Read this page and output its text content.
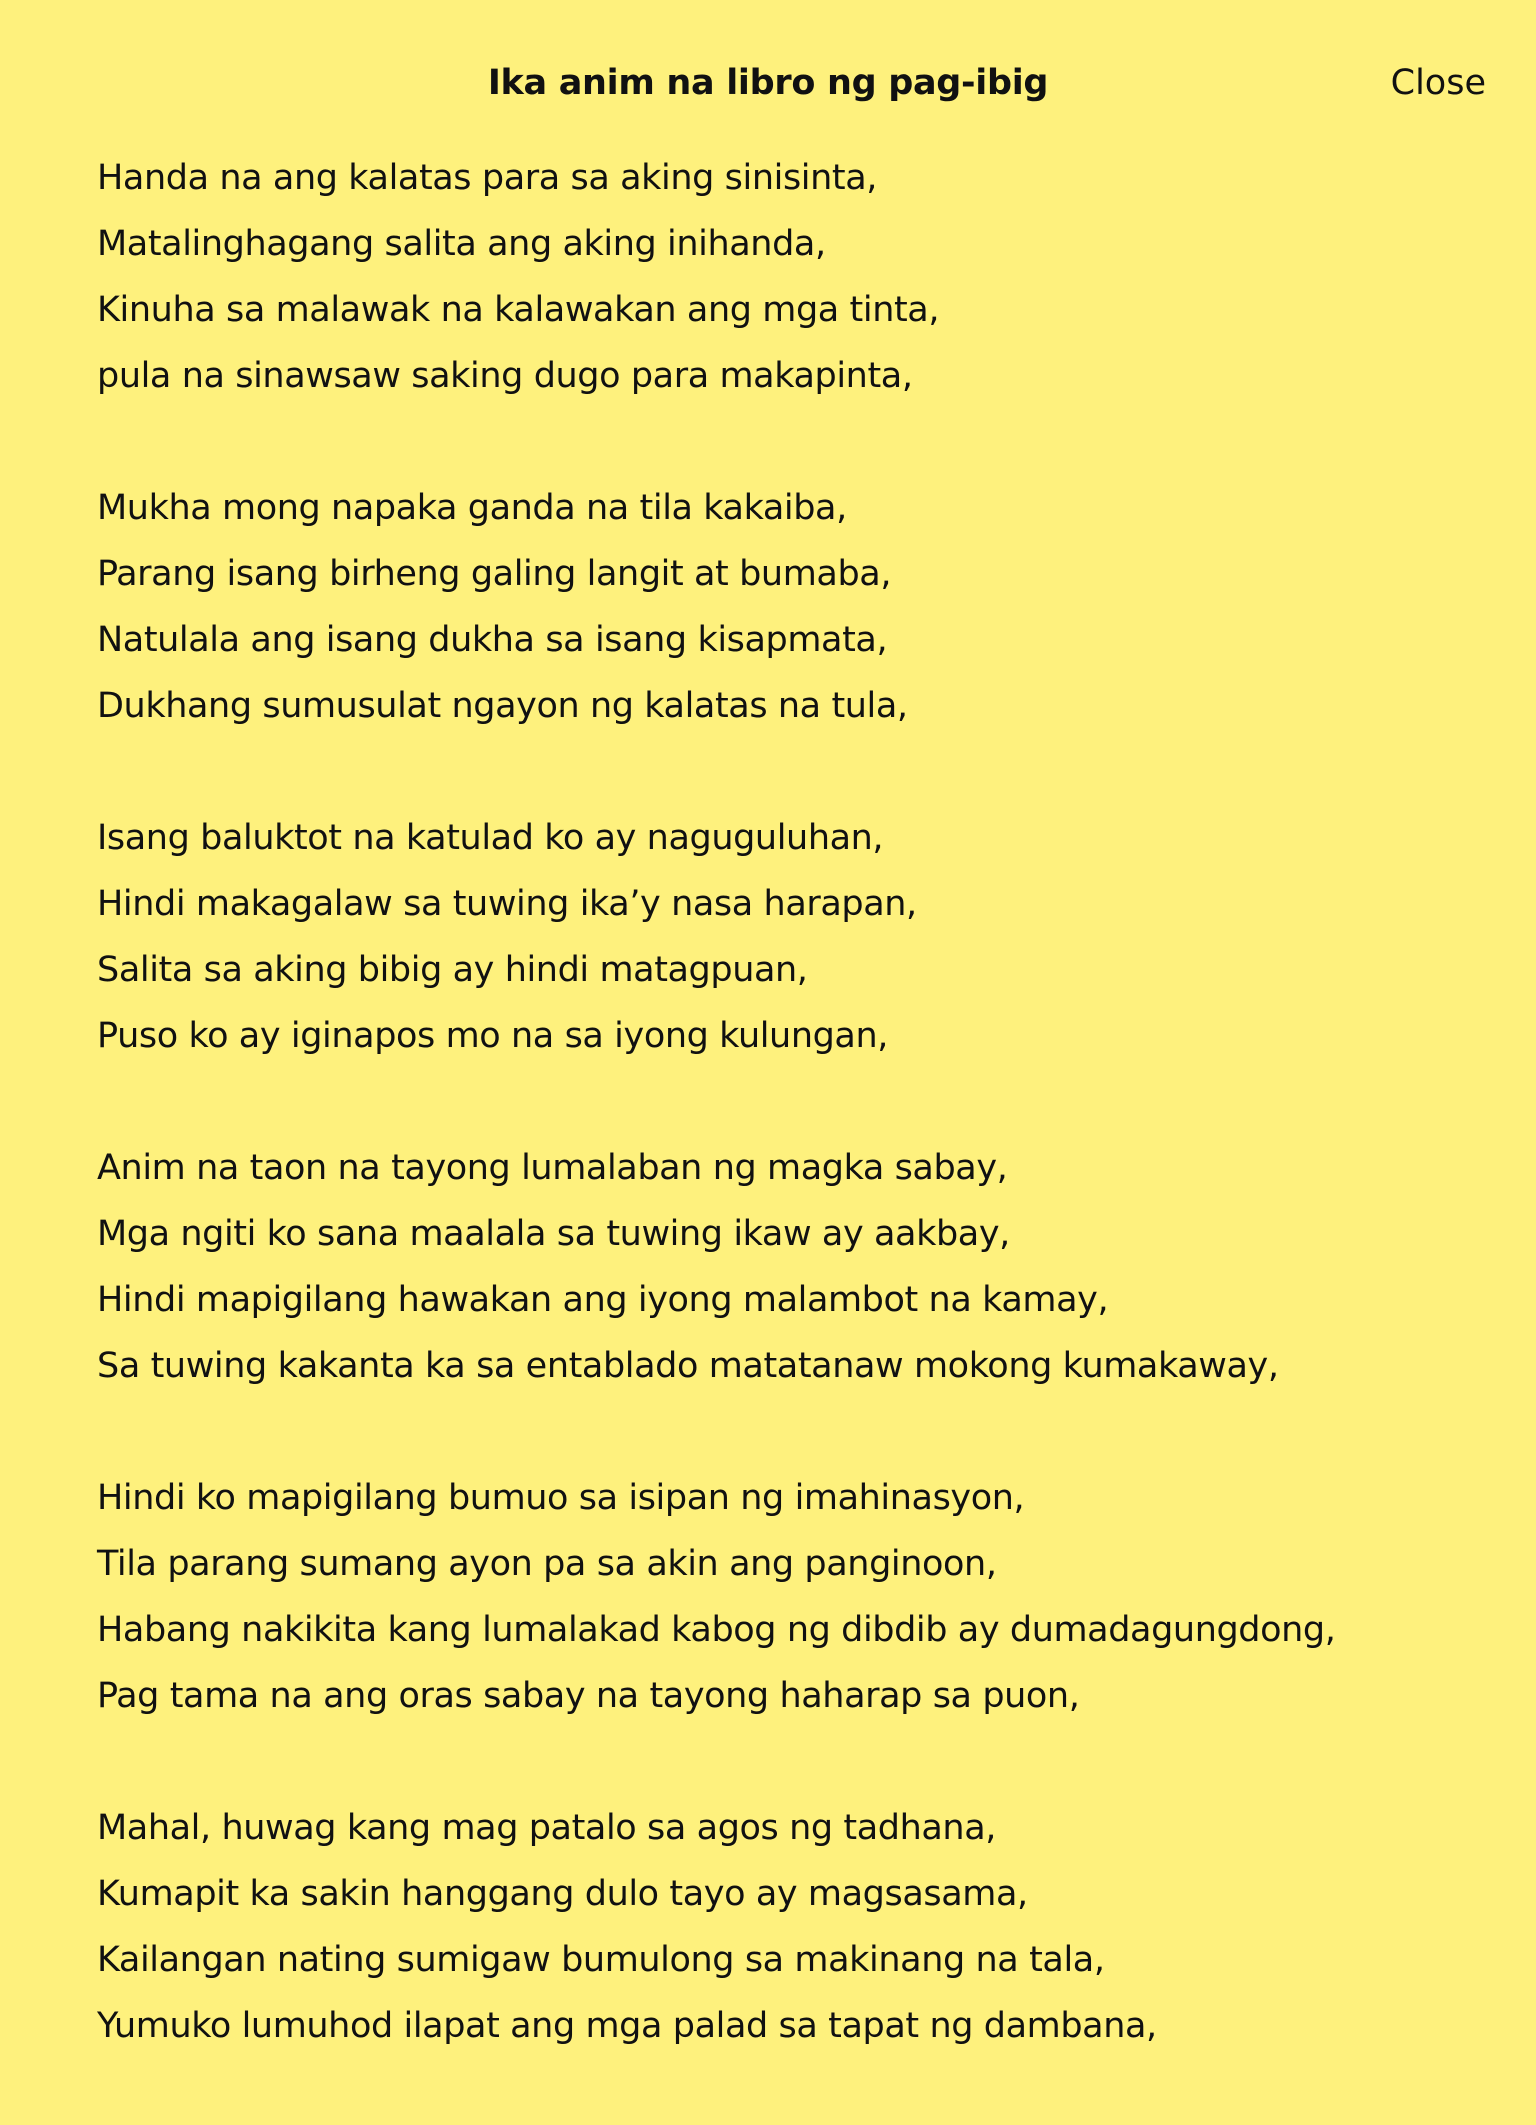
Ika anim na libro ng pag-ibig	Close
Handa na ang kalatas para sa aking sinisinta,
Matalinghagang salita ang aking inihanda,
Kinuha sa malawak na kalawakan ang mga tinta,
pula na sinawsaw saking dugo para makapinta,
Mukha mong napaka ganda na tila kakaiba,
Parang isang birheng galing langit at bumaba,
Natulala ang isang dukha sa isang kisapmata,
Dukhang sumusulat ngayon ng kalatas na tula,
Isang baluktot na katulad ko ay naguguluhan,
Hindi makagalaw sa tuwing ika’y nasa harapan,
Salita sa aking bibig ay hindi matagpuan,
Puso ko ay iginapos mo na sa iyong kulungan,
Anim na taon na tayong lumalaban ng magka sabay,
Mga ngiti ko sana maalala sa tuwing ikaw ay aakbay,
Hindi mapigilang hawakan ang iyong malambot na kamay,
Sa tuwing kakanta ka sa entablado matatanaw mokong kumakaway,
Hindi ko mapigilang bumuo sa isipan ng imahinasyon,
Tila parang sumang ayon pa sa akin ang panginoon,
Habang nakikita kang lumalakad kabog ng dibdib ay dumadagungdong,
Pag tama na ang oras sabay na tayong haharap sa puon,
Mahal, huwag kang mag patalo sa agos ng tadhana,
Kumapit ka sakin hanggang dulo tayo ay magsasama,
Kailangan nating sumigaw bumulong sa makinang na tala,
Yumuko lumuhod ilapat ang mga palad sa tapat ng dambana,
